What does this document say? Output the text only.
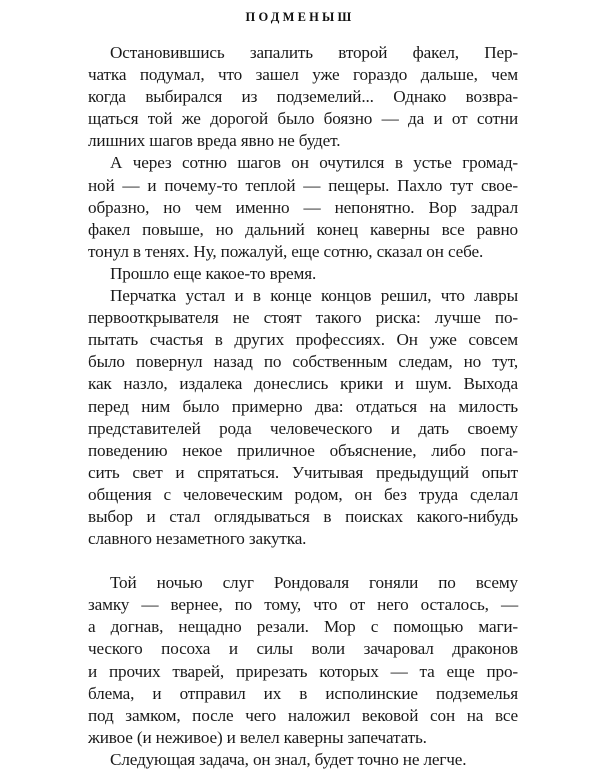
ПОДМЕНЫШ
Остановившись запалить второй факел, Пер-
чатка подумал, что зашел уже гораздо дальше, чем
когда выбирался из подземелий... Однако возвра-
щаться той же дорогой было боязно — да и от сотни
лишних шагов вреда явно не будет.
А через сотню шагов он очутился в устье громад-
ной — и почему-то теплой — пещеры. Пахло тут свое-
образно, но чем именно — непонятно. Вор задрал
факел повыше, но дальний конец каверны все равно
тонул в тенях. Ну, пожалуй, еще сотню, сказал он себе.
Прошло еще какое-то время.
Перчатка устал и в конце концов решил, что лавры
первооткрывателя не стоят такого риска: лучше по-
пытать счастья в других профессиях. Он уже совсем
было повернул назад по собственным следам, но тут,
как назло, издалека донеслись крики и шум. Выхода
перед ним было примерно два: отдаться на милость
представителей рода человеческого и дать своему
поведению некое приличное объяснение, либо погa-
сить свет и спрятаться. Учитывая предыдущий опыт
общения с человеческим родом, он без труда сделал
выбор и стал оглядываться в поисках какого-нибудь
славного незаметного закутка.
Той ночью слуг Рондоваля гоняли по всему
замку — вернее, по тому, что от него осталось, —
а догнав, нещадно резали. Мор с помощью маги-
ческого посоха и силы воли зачаровал драконов
и прочих тварей, прирезать которых — та еще про-
блема, и отправил их в исполинские подземелья
под замком, после чего наложил вековой сон на все
живое (и неживое) и велел каверны запечатать.
Следующая задача, он знал, будет точно не легче.
